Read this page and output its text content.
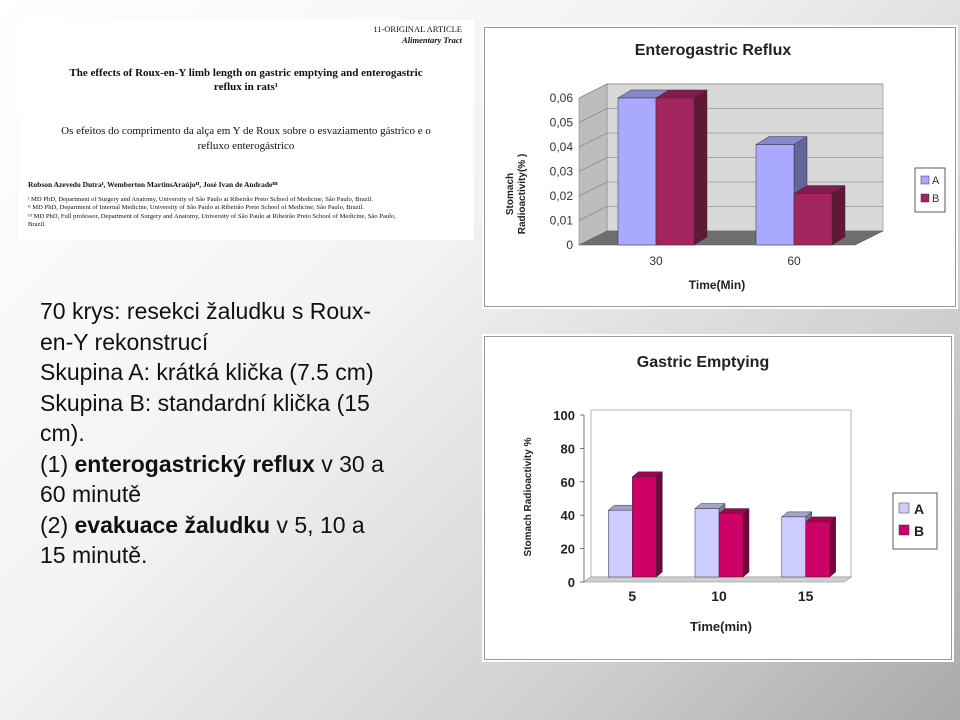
11-ORIGINAL ARTICLE
Alimentary Tract
The effects of Roux-en-Y limb length on gastric emptying and enterogastric
reflux in rats¹
Os efeitos do comprimento da alça em Y de Roux sobre o esvaziamento gástrico e o
refluxo enterogástrico
Robson Azevedo Dutraᴵ, Wemberton MartinsAraújoᴵᴵ, José Ivan de Andradeᴵᴵᴵ
ᴵ MD PhD, Department of Surgery and Anatomy, University of São Paulo at Ribeirão Preto School of Medicine, São Paulo, Brazil.
ᴵᴵ MD PhD, Department of Internal Medicine, University of São Paulo at Ribeirão Preto School of Medicine, São Paulo, Brazil.
ᴵᴵᴵ MD PhD, Full professor, Department of Surgery and Anatomy, University of São Paulo at Ribeirão Preto School of Medicine, São Paulo,
Brazil.
70 krys: resekci žaludku s Roux-
en-Y rekonstrucí
Skupina A: krátká klička (7.5 cm)
Skupina B: standardní klička (15
cm).
(1) enterogastrický reflux v 30 a
60 minutě
(2) evakuace žaludku v 5, 10 a
15 minutě.
Enterogastric Reflux
0
0,01
0,02
0,03
0,04
0,05
0,06
Stomach Radioactivity(% )
30	60
Time(Min)
A
B
Gastric Emptying
0
20
40
60
80
100
Stomach Radioactivity %
5	10	15
Time(min)
A
B
